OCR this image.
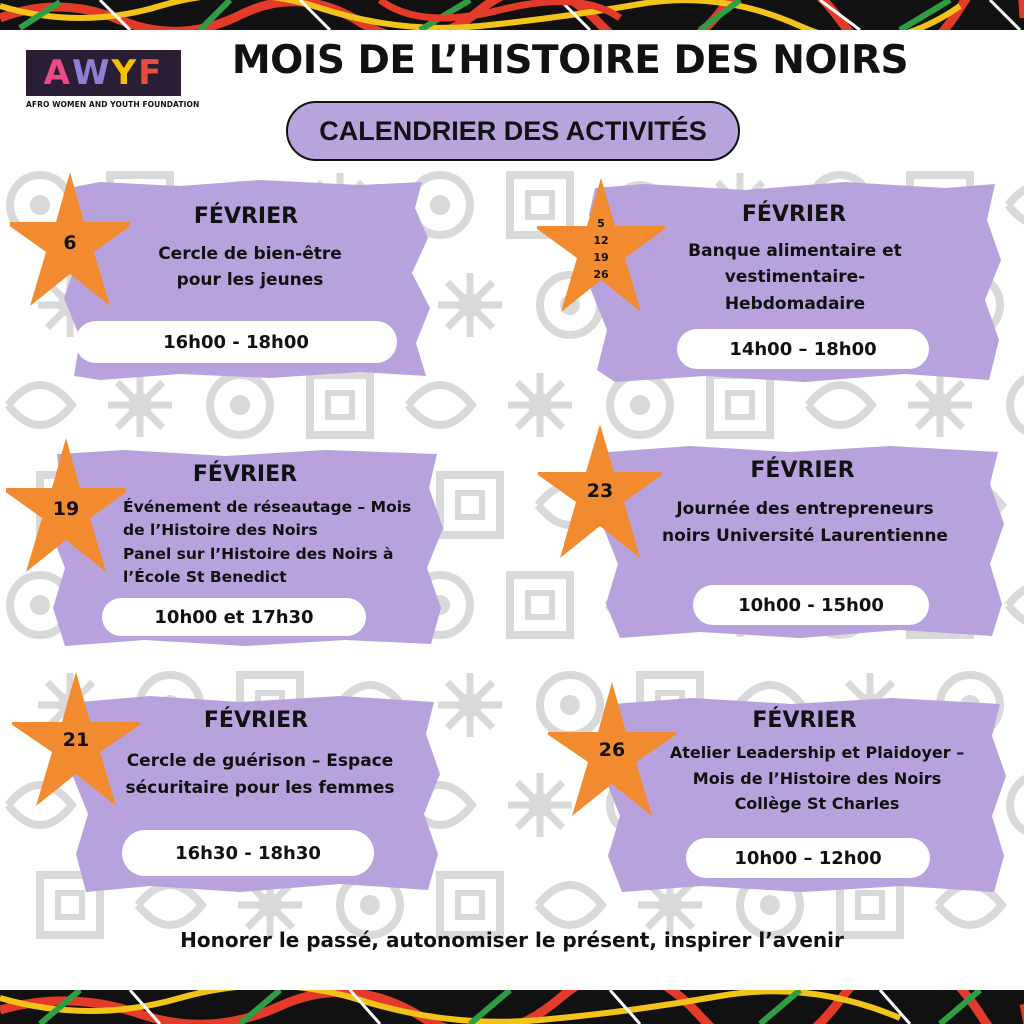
A W Y F
AFRO WOMEN AND YOUTH FOUNDATION
MOIS DE L’HISTOIRE DES NOIRS
CALENDRIER DES ACTIVITÉS
FÉVRIER
Cercle de bien-être
pour les jeunes
16h00 - 18h00
6
FÉVRIER
Banque alimentaire et
vestimentaire-
Hebdomadaire
14h00 – 18h00
5
12
19
26
FÉVRIER
Événement de réseautage – Mois
de l’Histoire des Noirs
Panel sur l’Histoire des Noirs à
l’École St Benedict
10h00 et 17h30
19
FÉVRIER
Journée des entrepreneurs
noirs Université Laurentienne
10h00 - 15h00
23
FÉVRIER
Cercle de guérison – Espace
sécuritaire pour les femmes
16h30 - 18h30
21
FÉVRIER
Atelier Leadership et Plaidoyer –
Mois de l’Histoire des Noirs
Collège St Charles
10h00 – 12h00
26
Honorer le passé, autonomiser le présent, inspirer l’avenir
